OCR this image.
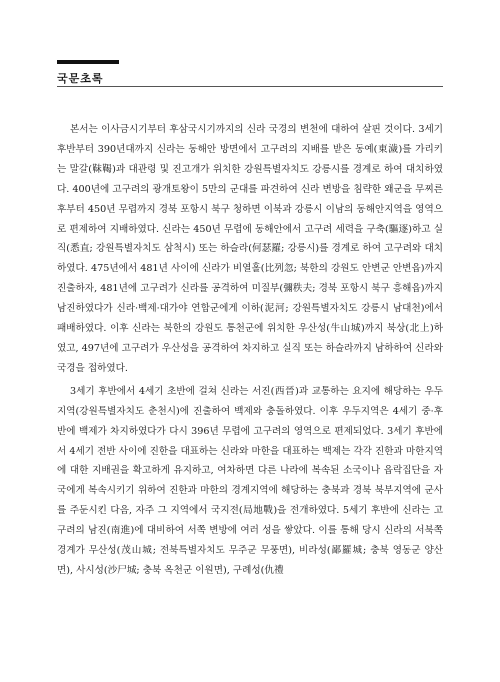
국문초록

본서는 이사금시기부터 후삼국시기까지의 신라 국경의 변천에 대하여 살핀 것이다. 3세기 후반부터 390년대까지 신라는 동해안 방면에서 고구려의 지배를 받은 동예(東濊)를 가리키는 말갈(靺鞨)과 대관령 및 진고개가 위치한 강원특별자치도 강릉시를 경계로 하여 대치하였다. 400년에 고구려의 광개토왕이 5만의 군대를 파견하여 신라 변방을 침략한 왜군을 무찌른 후부터 450년 무렵까지 경북 포항시 북구 청하면 이북과 강릉시 이남의 동해안지역을 영역으로 편제하여 지배하였다. 신라는 450년 무렵에 동해안에서 고구려 세력을 구축(驅逐)하고 실직(悉直; 강원특별자치도 삼척시) 또는 하슬라(何瑟羅; 강릉시)를 경계로 하여 고구려와 대치하였다. 475년에서 481년 사이에 신라가 비열홀(比列忽; 북한의 강원도 안변군 안변읍)까지 진출하자, 481년에 고구려가 신라를 공격하여 미질부(彌秩夫; 경북 포항시 북구 흥해읍)까지 남진하였다가 신라·백제·대가야 연합군에게 이하(泥河; 강원특별자치도 강릉시 남대천)에서 패배하였다. 이후 신라는 북한의 강원도 통천군에 위치한 우산성(牛山城)까지 북상(北上)하였고, 497년에 고구려가 우산성을 공격하여 차지하고 실직 또는 하슬라까지 남하하여 신라와 국경을 접하였다.

3세기 후반에서 4세기 초반에 걸쳐 신라는 서진(西晉)과 교통하는 요지에 해당하는 우두지역(강원특별자치도 춘천시)에 진출하여 백제와 충돌하였다. 이후 우두지역은 4세기 중·후반에 백제가 차지하였다가 다시 396년 무렵에 고구려의 영역으로 편제되었다. 3세기 후반에서 4세기 전반 사이에 진한을 대표하는 신라와 마한을 대표하는 백제는 각각 진한과 마한지역에 대한 지배권을 확고하게 유지하고, 여차하면 다른 나라에 복속된 소국이나 읍락집단을 자국에게 복속시키기 위하여 진한과 마한의 경계지역에 해당하는 충북과 경북 북부지역에 군사를 주둔시킨 다음, 자주 그 지역에서 국지전(局地戰)을 전개하였다. 5세기 후반에 신라는 고구려의 남진(南進)에 대비하여 서쪽 변방에 여러 성을 쌓았다. 이를 통해 당시 신라의 서북쪽 경계가 무산성(茂山城; 전북특별자치도 무주군 무풍면), 비라성(鄙羅城; 충북 영동군 양산면), 사시성(沙尸城; 충북 옥천군 이원면), 구례성(仇禮
